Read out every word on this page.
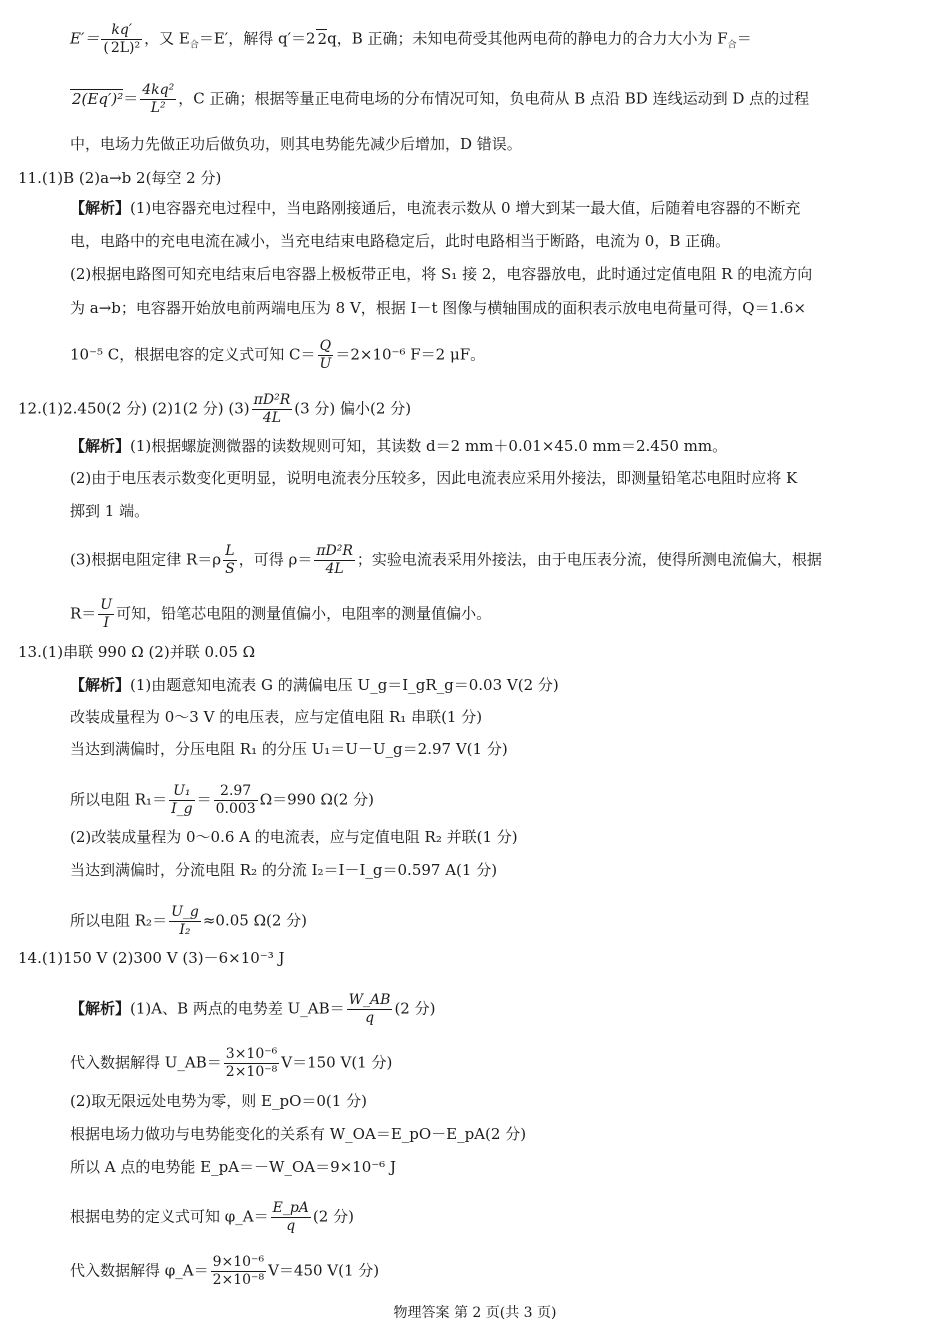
$E'= \frac{kq'}{\text{( 2L)²}}$ ，又 $E_合=E'$，解得 q′＝2 2q，B 正确；未知电荷受其他两电荷的静电力的合力大小为 $F_合=$
$2(Eq')^2= \frac{\text{4kq²}}{\text{L²}}$ ，C 正确；根据等量正电荷电场的分布情况可知，负电荷从 B 点沿 BD 连线运动到 D 点的过程
中，电场力先做正功后做负功，则其电势能先减少后增加，D 错误。
11.(1)B (2)a→b 2(每空 2 分)
【解析】(1)电容器充电过程中，当电路刚接通后，电流表示数从 0 增大到某一最大值，后随着电容器的不断充
电，电路中的充电电流在减小，当充电结束电路稳定后，此时电路相当于断路，电流为 0，B 正确。
(2)根据电路图可知充电结束后电容器上极板带正电，将 S₁ 接 2，电容器放电，此时通过定值电阻 R 的电流方向
为 a→b；电容器开始放电前两端电压为 8 V，根据 I－t 图像与横轴围成的面积表示放电电荷量可得，Q＝1.6×
10⁻⁵ C，根据电容的定义式可知 $C= \frac{Q}{U} =2\times 10^{-6}$ F＝2 μF。
12.(1)2.450(2 分) (2)1(2 分) $(3) \frac{\text{πD²R}}{4L} (3$ 分) 偏小(2 分)
【解析】(1)根据螺旋测微器的读数规则可知，其读数 d＝2 mm＋0.01×45.0 mm＝2.450 mm。
(2)由于电压表示数变化更明显，说明电流表分压较多，因此电流表应采用外接法，即测量铅笔芯电阻时应将 K
掷到 1 端。
(3)根据电阻定律 $R=\rho \frac{L}{S}$ ，可得 $\rho= \frac{\text{πD²R}}{4L}$ ；实验电流表采用外接法，由于电压表分流，使得所测电流偏大，根据
$R= \frac{U}{I}$ 可知，铅笔芯电阻的测量值偏小，电阻率的测量值偏小。
13.(1)串联 990 Ω (2)并联 0.05 Ω
【解析】(1)由题意知电流表 G 的满偏电压 U_g＝I_gR_g＝0.03 V(2 分)
改装成量程为 0～3 V 的电压表，应与定值电阻 R₁ 串联(1 分)
当达到满偏时，分压电阻 R₁ 的分压 U₁＝U－U_g＝2.97 V(1 分)
所以电阻 $R_1= \frac{\text{U₁}}{I\_g} = \frac{2.97}{0.003} \Omega=990$ Ω(2 分)
(2)改装成量程为 0～0.6 A 的电流表，应与定值电阻 R₂ 并联(1 分)
当达到满偏时，分流电阻 R₂ 的分流 I₂＝I－I_g＝0.597 A(1 分)
所以电阻 $R_2= \frac{U\_g}{\text{I₂}} \approx 0.05$ Ω(2 分)
14.(1)150 V (2)300 V (3)－6×10⁻³ J
【解析】(1)A、B 两点的电势差 U_AB＝ $\frac{W\_AB}{q} (2$ 分)
代入数据解得 U_AB＝ $\frac{\text{3×10⁻⁶}}{\text{2×10⁻⁸}} V=150$ V(1 分)
(2)取无限远处电势为零，则 E_pO＝0(1 分)
根据电场力做功与电势能变化的关系有 W_OA＝E_pO－E_pA(2 分)
所以 A 点的电势能 E_pA＝－W_OA＝9×10⁻⁶ J
根据电势的定义式可知 φ_A＝ $\frac{E\_pA}{q} (2$ 分)
代入数据解得 φ_A＝ $\frac{\text{9×10⁻⁶}}{\text{2×10⁻⁸}} V=450$ V(1 分)
物理答案 第 2 页(共 3 页)
